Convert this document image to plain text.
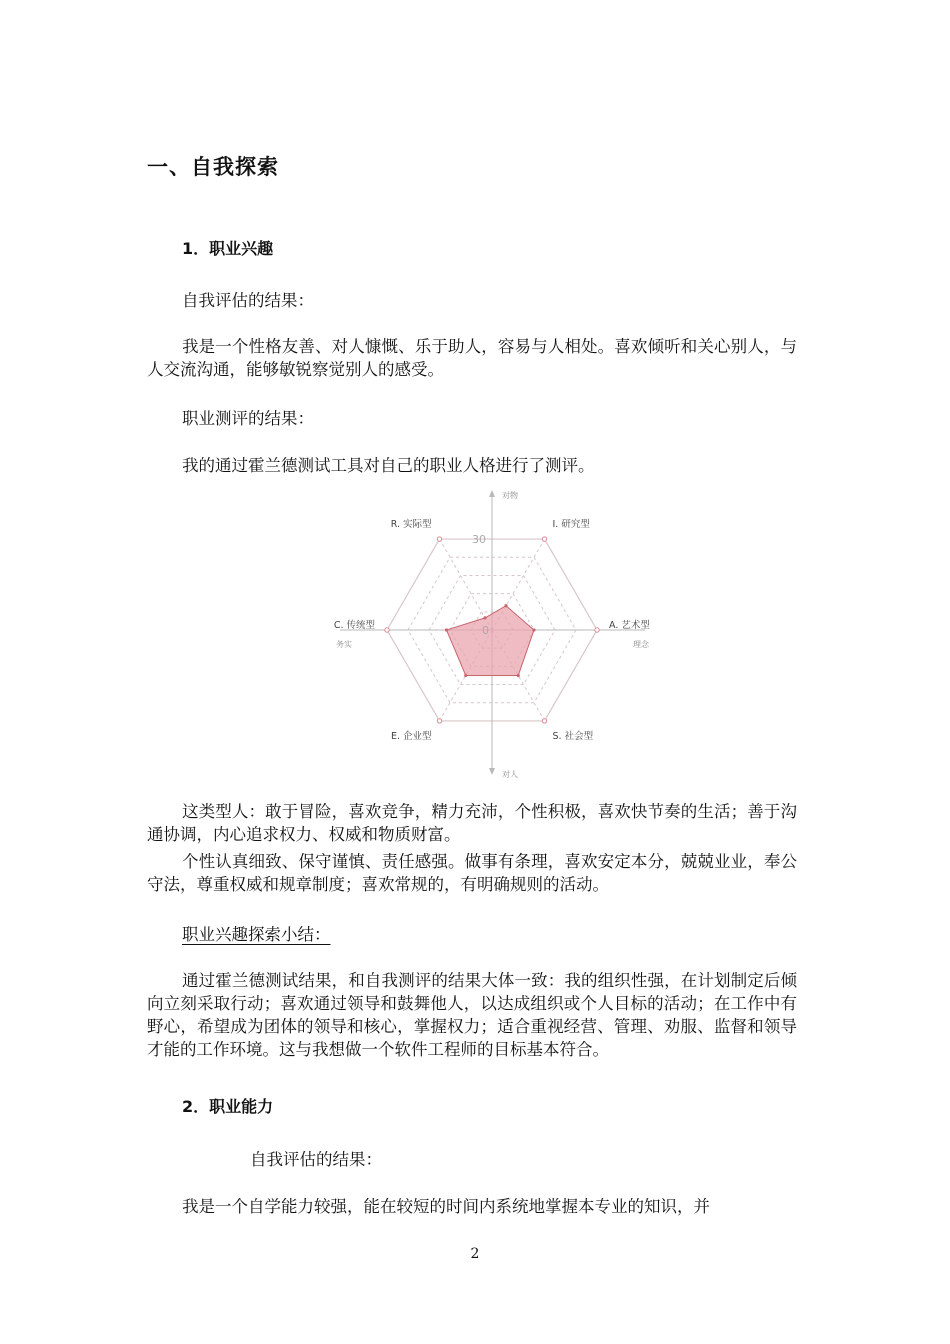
一、自我探索
1．职业兴趣

自我评估的结果：

我是一个性格友善、对人慷慨、乐于助人，容易与人相处。喜欢倾听和关心别人，与人交流沟通，能够敏锐察觉别人的感受。

职业测评的结果：

我的通过霍兰德测试工具对自己的职业人格进行了测评。

I. 研究型
A. 艺术型
S. 社会型
E. 企业型
C. 传统型
R. 实际型
30
0
对物
对人
务实	理念

这类型人：敢于冒险，喜欢竞争，精力充沛，个性积极，喜欢快节奏的生活；善于沟通协调，内心追求权力、权威和物质财富。

个性认真细致、保守谨慎、责任感强。做事有条理，喜欢安定本分，兢兢业业，奉公守法，尊重权威和规章制度；喜欢常规的，有明确规则的活动。

职业兴趣探索小结：

通过霍兰德测试结果，和自我测评的结果大体一致：我的组织性强，在计划制定后倾向立刻采取行动；喜欢通过领导和鼓舞他人，以达成组织或个人目标的活动；在工作中有野心，希望成为团体的领导和核心，掌握权力；适合重视经营、管理、劝服、监督和领导才能的工作环境。这与我想做一个软件工程师的目标基本符合。

2．职业能力

自我评估的结果：

我是一个自学能力较强，能在较短的时间内系统地掌握本专业的知识，并

2
